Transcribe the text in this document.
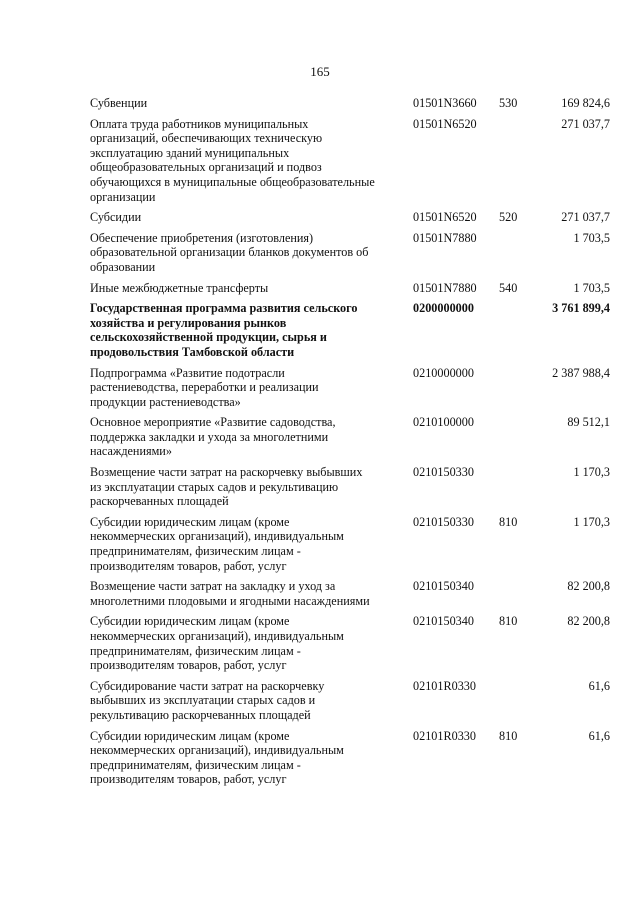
165
Субвенции	01501N3660 530	169 824,6
Оплата труда работников муниципальных организаций, обеспечивающих техническую эксплуатацию зданий муниципальных общеобразовательных организаций и подвоз обучающихся в муниципальные общеобразовательные организации
01501N6520	271 037,7
Субсидии	01501N6520 520	271 037,7
Обеспечение приобретения (изготовления) образовательной организации бланков документов об образовании
01501N7880	1 703,5
Иные межбюджетные трансферты	01501N7880 540	1 703,5
Государственная программа развития сельского хозяйства и регулирования рынков сельскохозяйственной продукции, сырья и продовольствия Тамбовской области
0200000000	3 761 899,4
Подпрограмма «Развитие подотрасли растениеводства, переработки и реализации продукции растениеводства»
0210000000	2 387 988,4
Основное мероприятие «Развитие садоводства, поддержка закладки и ухода за многолетними насаждениями»
0210100000	89 512,1
Возмещение части затрат на раскорчевку выбывших из эксплуатации старых садов и рекультивацию раскорчеванных площадей
0210150330	1 170,3
Субсидии юридическим лицам (кроме некоммерческих организаций), индивидуальным предпринимателям, физическим лицам - производителям товаров, работ, услуг
0210150330 810	1 170,3
Возмещение части затрат на закладку и уход за многолетними плодовыми и ягодными насаждениями
0210150340	82 200,8
Субсидии юридическим лицам (кроме некоммерческих организаций), индивидуальным предпринимателям, физическим лицам - производителям товаров, работ, услуг
0210150340 810	82 200,8
Субсидирование части затрат на раскорчевку выбывших из эксплуатации старых садов и рекультивацию раскорчеванных площадей
02101R0330	61,6
Субсидии юридическим лицам (кроме некоммерческих организаций), индивидуальным предпринимателям, физическим лицам - производителям товаров, работ, услуг
02101R0330 810	61,6
